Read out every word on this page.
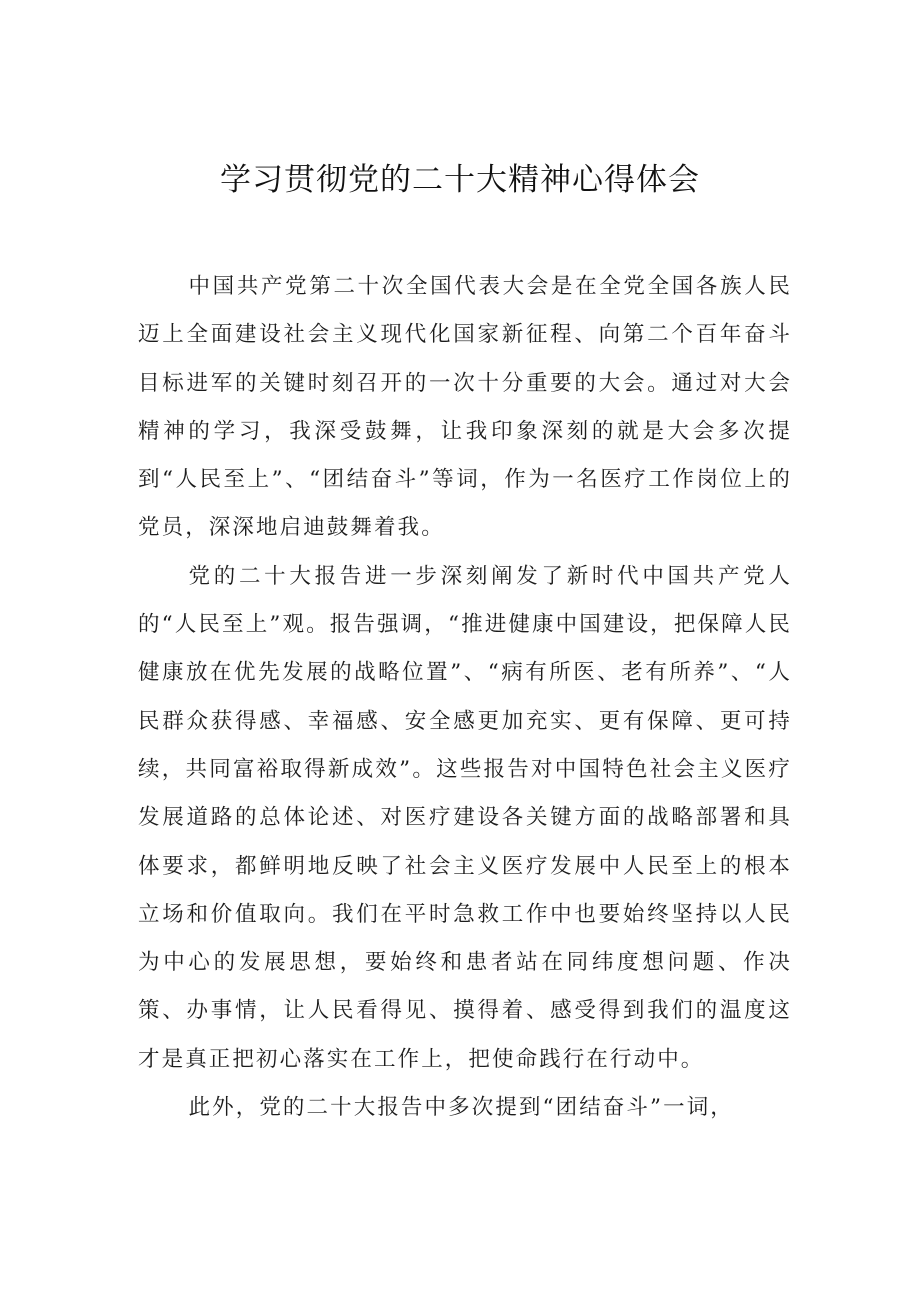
学习贯彻党的二十大精神心得体会

中国共产党第二十次全国代表大会是在全党全国各族人民迈上全面建设社会主义现代化国家新征程、向第二个百年奋斗目标进军的关键时刻召开的一次十分重要的大会。通过对大会精神的学习，我深受鼓舞，让我印象深刻的就是大会多次提到“人民至上”、“团结奋斗”等词，作为一名医疗工作岗位上的党员，深深地启迪鼓舞着我。

党的二十大报告进一步深刻阐发了新时代中国共产党人的“人民至上”观。报告强调，“推进健康中国建设，把保障人民健康放在优先发展的战略位置”、“病有所医、老有所养”、“人民群众获得感、幸福感、安全感更加充实、更有保障、更可持续，共同富裕取得新成效”。这些报告对中国特色社会主义医疗发展道路的总体论述、对医疗建设各关键方面的战略部署和具体要求，都鲜明地反映了社会主义医疗发展中人民至上的根本立场和价值取向。我们在平时急救工作中也要始终坚持以人民为中心的发展思想，要始终和患者站在同纬度想问题、作决策、办事情，让人民看得见、摸得着、感受得到我们的温度这才是真正把初心落实在工作上，把使命践行在行动中。

此外，党的二十大报告中多次提到“团结奋斗”一词，
